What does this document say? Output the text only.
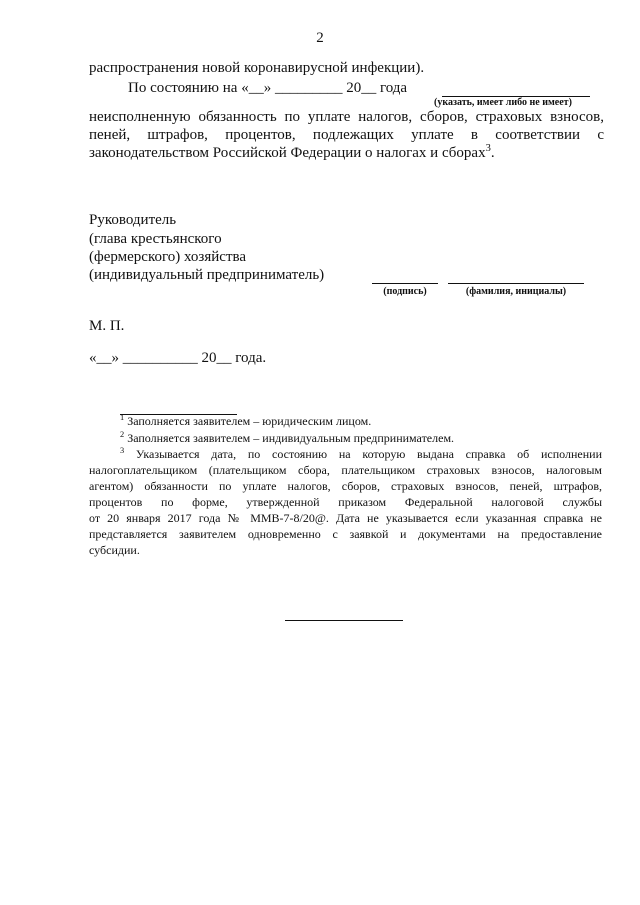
2
распространения новой коронавирусной инфекции).
По состоянию на «__» _________ 20__ года
(указать, имеет либо не имеет)
неисполненную обязанность по уплате налогов, сборов, страховых взносов,
пеней, штрафов, процентов, подлежащих уплате в соответствии с
законодательством Российской Федерации о налогах и сборах$^3$.
Руководитель
(глава крестьянского
(фермерского) хозяйства
(индивидуальный предприниматель)
(подпись)	(фамилия, инициалы)
М. П.
«__» __________ 20__ года.
$^1$ Заполняется заявителем – юридическим лицом.
$^2$ Заполняется заявителем – индивидуальным предпринимателем.
$^3$ Указывается дата, по состоянию на которую выдана справка об исполнении
налогоплательщиком (плательщиком сбора, плательщиком страховых взносов, налоговым
агентом) обязанности по уплате налогов, сборов, страховых взносов, пеней, штрафов,
процентов по форме, утвержденной приказом Федеральной налоговой службы
от 20 января 2017 года № ММВ-7-8/20@. Дата не указывается если указанная справка не
представляется заявителем одновременно с заявкой и документами на предоставление
субсидии.
